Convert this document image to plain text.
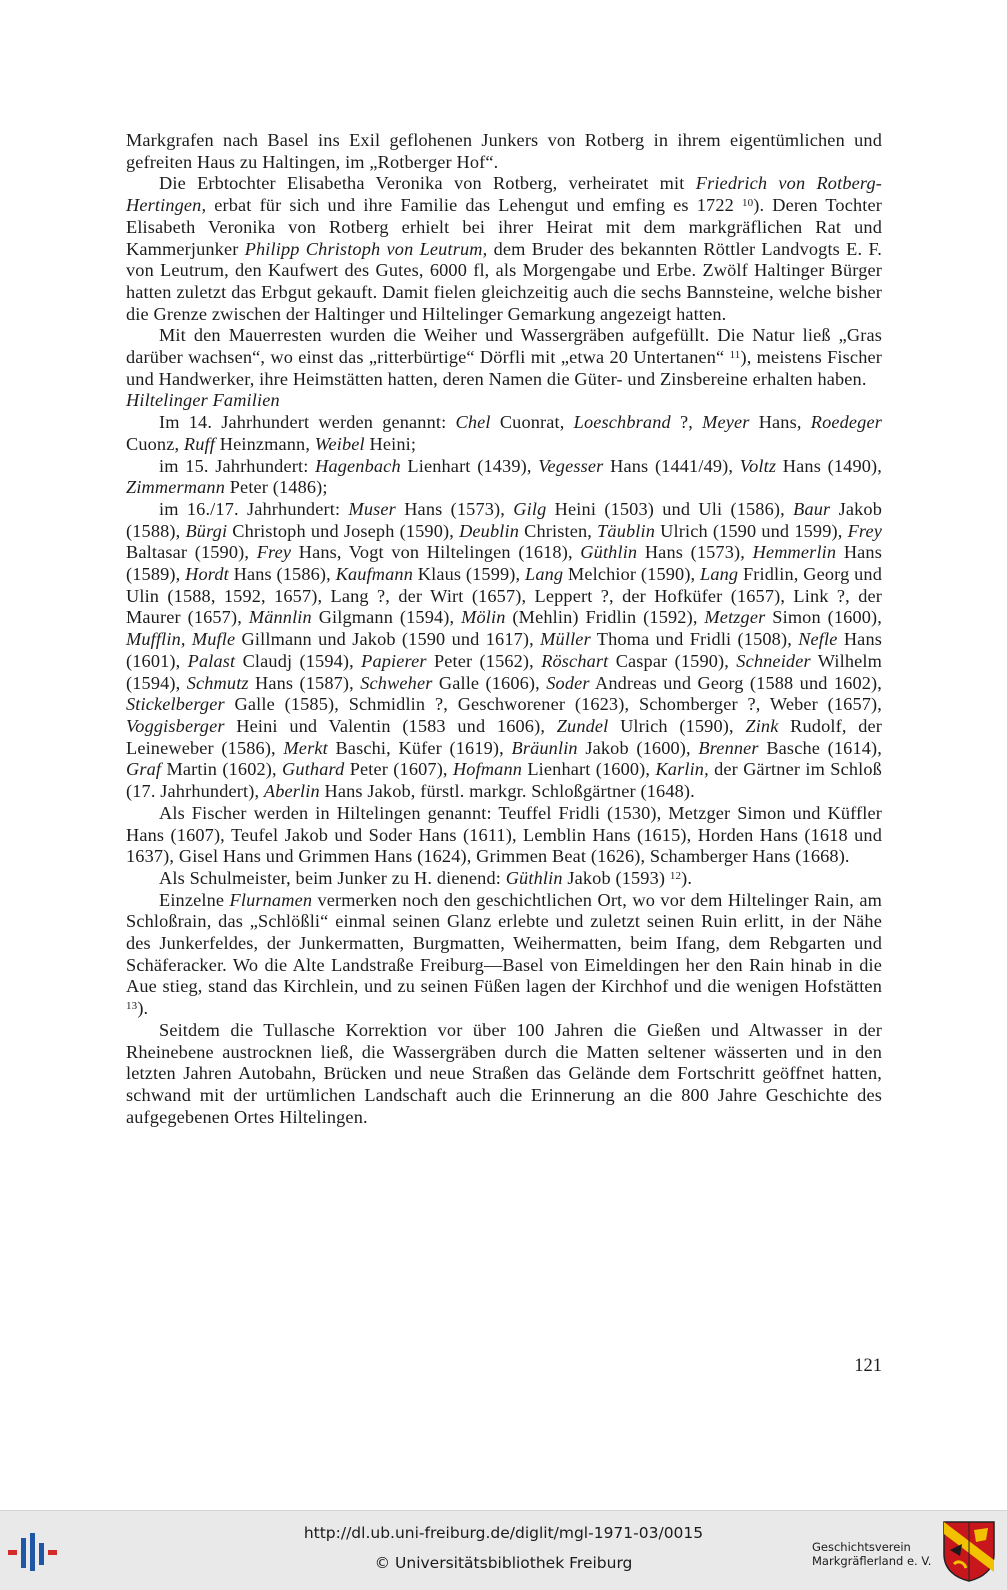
Markgrafen nach Basel ins Exil geflohenen Junkers von Rotberg in ihrem eigentümlichen und gefreiten Haus zu Haltingen, im „Rotberger Hof“.

Die Erbtochter Elisabetha Veronika von Rotberg, verheiratet mit Friedrich von Rotberg-Hertingen, erbat für sich und ihre Familie das Lehengut und emfing es 1722 $^{10}$). Deren Tochter Elisabeth Veronika von Rotberg erhielt bei ihrer Heirat mit dem markgräflichen Rat und Kammerjunker Philipp Christoph von Leutrum, dem Bruder des bekannten Röttler Landvogts E. F. von Leutrum, den Kaufwert des Gutes, 6000 fl, als Morgengabe und Erbe. Zwölf Haltinger Bürger hatten zuletzt das Erbgut gekauft. Damit fielen gleichzeitig auch die sechs Bannsteine, welche bisher die Grenze zwischen der Haltinger und Hiltelinger Gemarkung angezeigt hatten.

Mit den Mauerresten wurden die Weiher und Wassergräben aufgefüllt. Die Natur ließ „Gras darüber wachsen“, wo einst das „ritterbürtige“ Dörfli mit „etwa 20 Untertanen“ $^{11}$), meistens Fischer und Handwerker, ihre Heimstätten hatten, deren Namen die Güter- und Zinsbereine erhalten haben.

Hiltelinger Familien

Im 14. Jahrhundert werden genannt: Chel Cuonrat, Loeschbrand ?, Meyer Hans, Roedeger Cuonz, Ruff Heinzmann, Weibel Heini;

im 15. Jahrhundert: Hagenbach Lienhart (1439), Vegesser Hans (1441/49), Voltz Hans (1490), Zimmermann Peter (1486);

im 16./17. Jahrhundert: Muser Hans (1573), Gilg Heini (1503) und Uli (1586), Baur Jakob (1588), Bürgi Christoph und Joseph (1590), Deublin Christen, Täublin Ulrich (1590 und 1599), Frey Baltasar (1590), Frey Hans, Vogt von Hiltelingen (1618), Güthlin Hans (1573), Hemmerlin Hans (1589), Hordt Hans (1586), Kaufmann Klaus (1599), Lang Melchior (1590), Lang Fridlin, Georg und Ulin (1588, 1592, 1657), Lang ?, der Wirt (1657), Leppert ?, der Hofküfer (1657), Link ?, der Maurer (1657), Männlin Gilgmann (1594), Mölin (Mehlin) Fridlin (1592), Metzger Simon (1600), Mufflin, Mufle Gillmann und Jakob (1590 und 1617), Müller Thoma und Fridli (1508), Nefle Hans (1601), Palast Claudj (1594), Papierer Peter (1562), Röschart Caspar (1590), Schneider Wilhelm (1594), Schmutz Hans (1587), Schweher Galle (1606), Soder Andreas und Georg (1588 und 1602), Stickelberger Galle (1585), Schmidlin ?, Geschworener (1623), Schomberger ?, Weber (1657), Voggisberger Heini und Valentin (1583 und 1606), Zundel Ulrich (1590), Zink Rudolf, der Leineweber (1586), Merkt Baschi, Küfer (1619), Bräunlin Jakob (1600), Brenner Basche (1614), Graf Martin (1602), Guthard Peter (1607), Hofmann Lienhart (1600), Karlin, der Gärtner im Schloß (17. Jahrhundert), Aberlin Hans Jakob, fürstl. markgr. Schloßgärtner (1648).

Als Fischer werden in Hiltelingen genannt: Teuffel Fridli (1530), Metzger Simon und Küffler Hans (1607), Teufel Jakob und Soder Hans (1611), Lemblin Hans (1615), Horden Hans (1618 und 1637), Gisel Hans und Grimmen Hans (1624), Grimmen Beat (1626), Schamberger Hans (1668).

Als Schulmeister, beim Junker zu H. dienend: Güthlin Jakob (1593) $^{12}$).

Einzelne Flurnamen vermerken noch den geschichtlichen Ort, wo vor dem Hiltelinger Rain, am Schloßrain, das „Schlößli“ einmal seinen Glanz erlebte und zuletzt seinen Ruin erlitt, in der Nähe des Junkerfeldes, der Junkermatten, Burgmatten, Weihermatten, beim Ifang, dem Rebgarten und Schäferacker. Wo die Alte Landstraße Freiburg—Basel von Eimeldingen her den Rain hinab in die Aue stieg, stand das Kirchlein, und zu seinen Füßen lagen der Kirchhof und die wenigen Hofstätten $^{13}$).

Seitdem die Tullasche Korrektion vor über 100 Jahren die Gießen und Altwasser in der Rheinebene austrocknen ließ, die Wassergräben durch die Matten seltener wässerten und in den letzten Jahren Autobahn, Brücken und neue Straßen das Gelände dem Fortschritt geöffnet hatten, schwand mit der urtümlichen Landschaft auch die Erinnerung an die 800 Jahre Geschichte des aufgegebenen Ortes Hiltelingen.

121
http://dl.ub.uni-freiburg.de/diglit/mgl-1971-03/0015
© Universitätsbibliothek Freiburg
Geschichtsverein
Markgräflerland e. V.
